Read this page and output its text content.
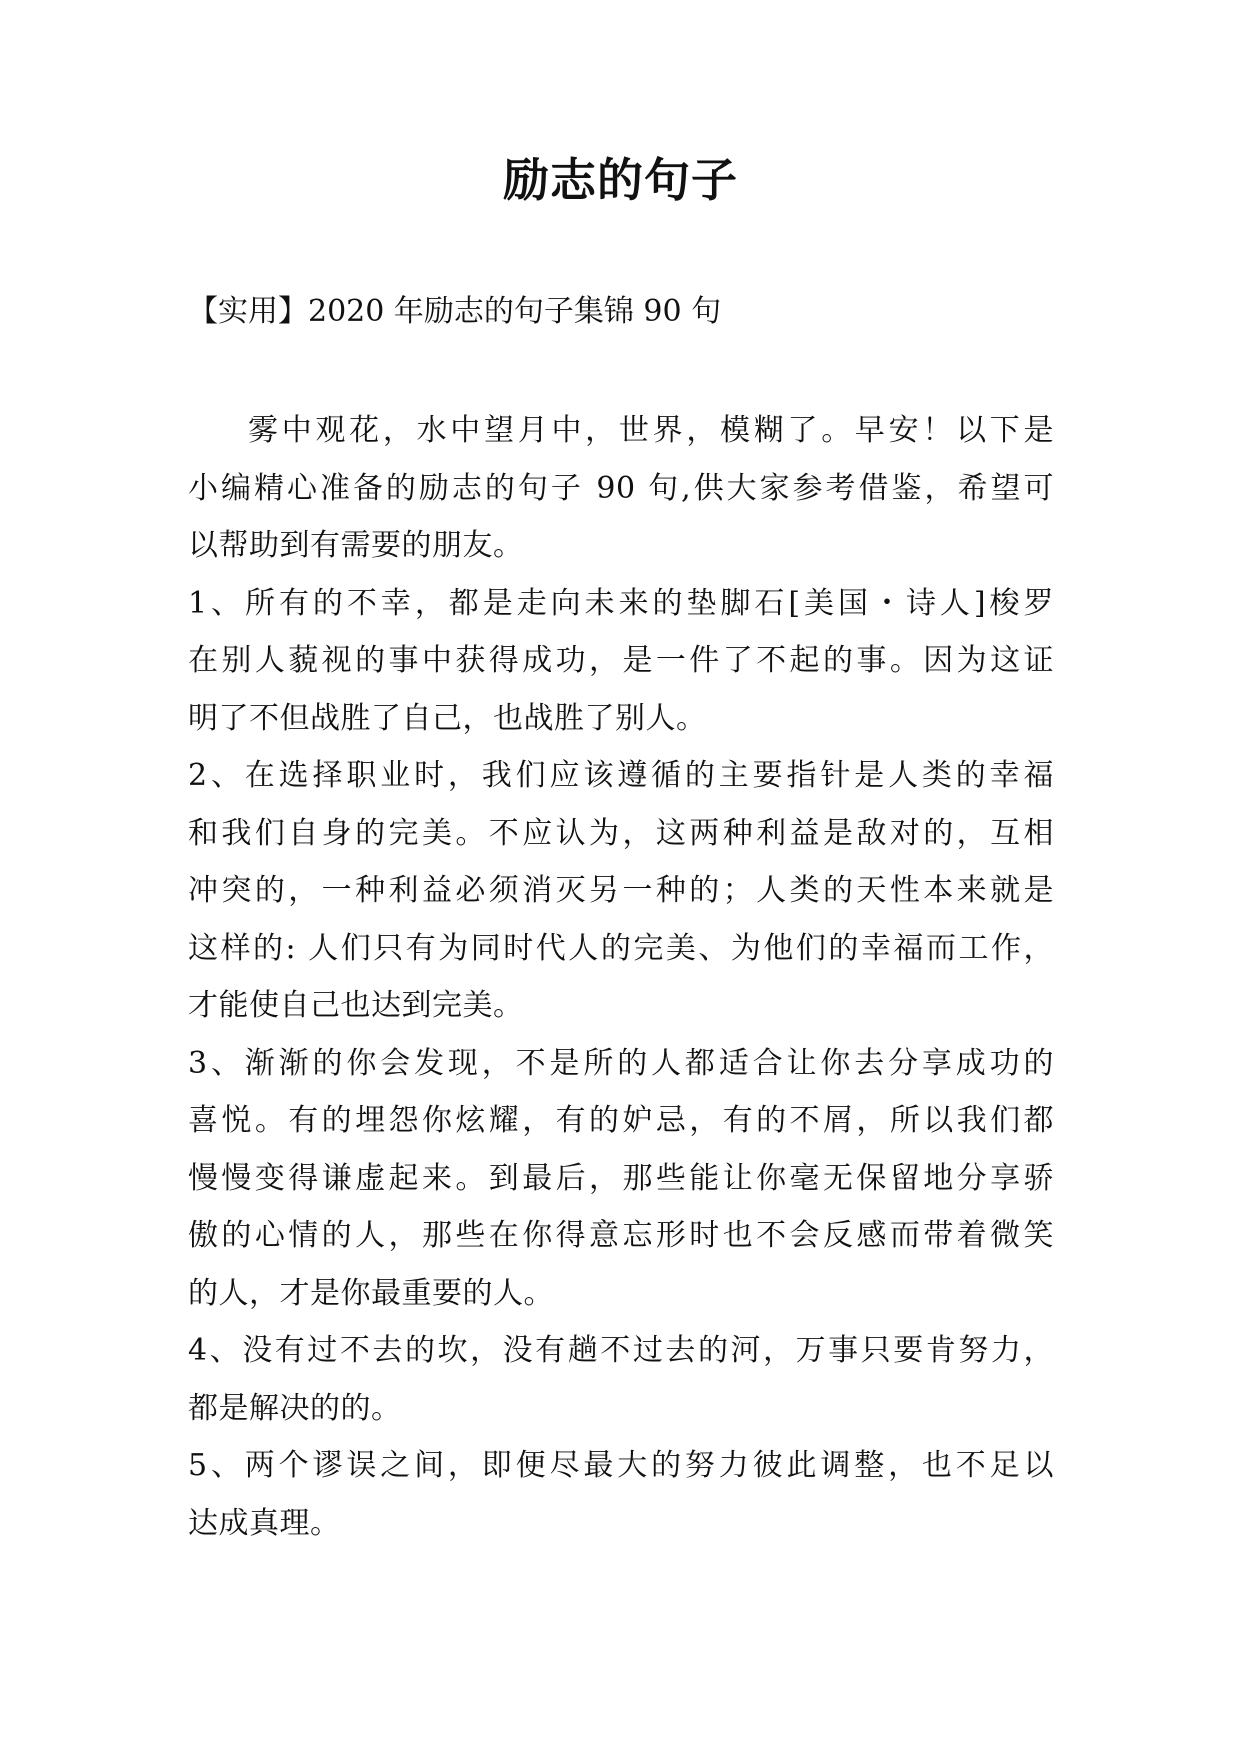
励志的句子
【实用】2020 年励志的句子集锦 90 句
雾中观花，水中望月中，世界，模糊了。早安！以下是
小编精心准备的励志的句子 90 句,供大家参考借鉴，希望可
以帮助到有需要的朋友。
1、所有的不幸，都是走向未来的垫脚石[美国・诗人]梭罗
在别人藐视的事中获得成功，是一件了不起的事。因为这证
明了不但战胜了自己，也战胜了别人。
2、在选择职业时，我们应该遵循的主要指针是人类的幸福
和我们自身的完美。不应认为，这两种利益是敌对的，互相
冲突的，一种利益必须消灭另一种的；人类的天性本来就是
这样的: 人们只有为同时代人的完美、为他们的幸福而工作，
才能使自己也达到完美。
3、渐渐的你会发现，不是所的人都适合让你去分享成功的
喜悦。有的埋怨你炫耀，有的妒忌，有的不屑，所以我们都
慢慢变得谦虚起来。到最后，那些能让你毫无保留地分享骄
傲的心情的人，那些在你得意忘形时也不会反感而带着微笑
的人，才是你最重要的人。
4、没有过不去的坎，没有趟不过去的河，万事只要肯努力，
都是解决的的。
5、两个谬误之间，即便尽最大的努力彼此调整，也不足以
达成真理。
